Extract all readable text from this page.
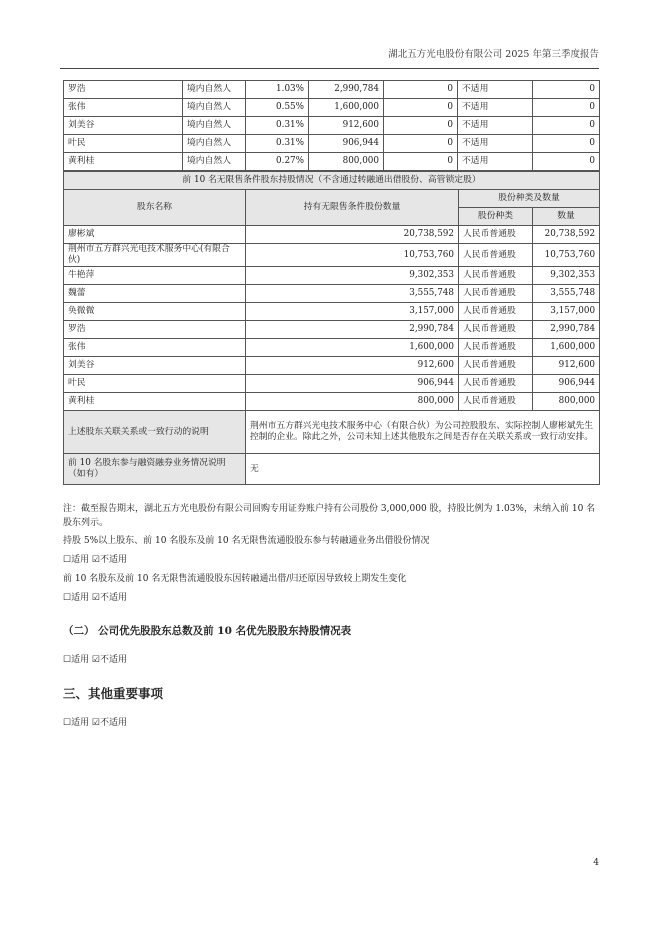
湖北五方光电股份有限公司 2025 年第三季度报告
罗浩	境内自然人	1.03%	2,990,784	0	不适用	0
张伟	境内自然人	0.55%	1,600,000	0	不适用	0
刘美谷	境内自然人	0.31%	912,600	0	不适用	0
叶民	境内自然人	0.31%	906,944	0	不适用	0
黄利桂	境内自然人	0.27%	800,000	0	不适用	0
前 10 名无限售条件股东持股情况（不含通过转融通出借股份、高管锁定股）			
股东名称	持有无限售条件股份数量	股份种类及数量	
		股份种类	数量
廖彬斌	20,738,592	人民币普通股	20,738,592
荆州市五方群兴光电技术服务中心(有限合伙)	10,753,760	人民币普通股	10,753,760
牛艳萍	9,302,353	人民币普通股	9,302,353
魏蕾	3,555,748	人民币普通股	3,555,748
奂微微	3,157,000	人民币普通股	3,157,000
罗浩	2,990,784	人民币普通股	2,990,784
张伟	1,600,000	人民币普通股	1,600,000
刘美谷	912,600	人民币普通股	912,600
叶民	906,944	人民币普通股	906,944
黄利桂	800,000	人民币普通股	800,000
上述股东关联关系或一致行动的说明	荆州市五方群兴光电技术服务中心（有限合伙）为公司控股股东、实际控制人廖彬斌先生控制的企业。除此之外，公司未知上述其他股东之间是否存在关联关系或一致行动安排。		
前 10 名股东参与融资融券业务情况说明（如有）	无		
注：截至报告期末，湖北五方光电股份有限公司回购专用证券账户持有公司股份 3,000,000 股，持股比例为 1.03%，未纳入前 10 名股东列示。
持股 5%以上股东、前 10 名股东及前 10 名无限售流通股股东参与转融通业务出借股份情况
☐适用 ☑不适用
前 10 名股东及前 10 名无限售流通股股东因转融通出借/归还原因导致较上期发生变化
☐适用 ☑不适用
（二） 公司优先股股东总数及前 10 名优先股股东持股情况表
☐适用 ☑不适用
三、其他重要事项
☐适用 ☑不适用
4
